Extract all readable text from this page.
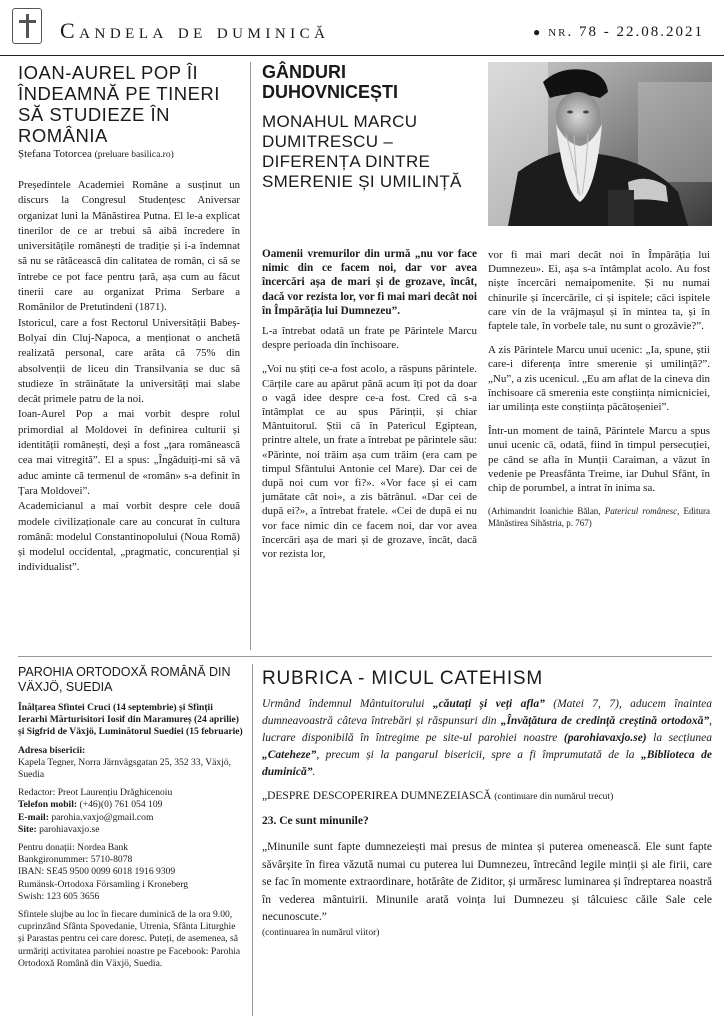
Candela de duminică	● nr. 78 - 22.08.2021
IOAN-AUREL POP ÎI ÎNDEAMNĂ PE TINERI SĂ STUDIEZE ÎN ROMÂNIA
Ștefana Totorcea (preluare basilica.ro)

Președintele Academiei Române a susținut un discurs la Congresul Studențesc Aniversar organizat luni la Mănăstirea Putna. El le-a explicat tinerilor de ce ar trebui să aibă încredere în universitățile românești de tradiție și i-a îndemnat să nu se rătăcească din calitatea de român, ci să se întrebe ce pot face pentru țară, așa cum au făcut tinerii care au organizat Prima Serbare a Românilor de Pretutindeni (1871).

Istoricul, care a fost Rectorul Universității Babeș-Bolyai din Cluj-Napoca, a menționat o anchetă realizată personal, care arăta că 75% din absolvenții de liceu din Transilvania se duc să studieze în străinătate la universități mai slabe decât primele patru de la noi.

Ioan-Aurel Pop a mai vorbit despre rolul primordial al Moldovei în definirea culturii și identității românești, deși a fost „țara românească cea mai vitregită”. El a spus: „Îngăduiți-mi să vă aduc aminte că termenul de «român» s-a definit în Țara Moldovei”.

Academicianul a mai vorbit despre cele două modele civilizaționale care au concurat în cultura română: modelul Constantinopolului (Noua Romă) și modelul occidental, „pragmatic, concurențial și individualist”.

GÂNDURI DUHOVNICEȘTI
MONAHUL MARCU DUMITRESCU – DIFERENȚA DINTRE SMERENIE ȘI UMILINȚĂ

Oamenii vremurilor din urmă „nu vor face nimic din ce facem noi, dar vor avea încercări așa de mari și de grozave, încât, dacă vor rezista lor, vor fi mai mari decât noi în Împărăția lui Dumnezeu”.

L-a întrebat odată un frate pe Părintele Marcu despre perioada din închisoare.

„Voi nu știți ce-a fost acolo, a răspuns părintele. Cărțile care au apărut până acum îți pot da doar o vagă idee despre ce-a fost. Cred că s-a întâmplat ce au spus Părinții, și chiar Mântuitorul. Știi că în Patericul Egiptean, printre altele, un frate a întrebat pe părintele său: «Părinte, noi trăim așa cum trăim (era cam pe timpul Sfântului Antonie cel Mare). Dar cei de după noi cum vor fi?». «Vor face și ei cam jumătate cât noi», a zis bătrânul. «Dar cei de după ei?», a întrebat fratele. «Cei de după ei nu vor face nimic din ce facem noi, dar vor avea încercări așa de mari și de grozave, încât, dacă vor rezista lor,

vor fi mai mari decât noi în Împărăția lui Dumnezeu». Ei, așa s-a întâmplat acolo. Au fost niște încercări nemaipomenite. Și nu numai chinurile și încercările, ci și ispitele; căci ispitele care vin de la vrăjmașul și în mintea ta, și în faptele tale, în vorbele tale, nu sunt o grozăvie?”.

A zis Părintele Marcu unui ucenic: „Ia, spune, știi care-i diferența între smerenie și umilință?”. „Nu”, a zis ucenicul. „Eu am aflat de la cineva din închisoare că smerenia este conștiința nimicniciei, iar umilința este conștiința păcătoșeniei”.

Într-un moment de taină, Părintele Marcu a spus unui ucenic că, odată, fiind în timpul persecuției, pe când se afla în Munții Caraiman, a văzut în vedenie pe Preasfânta Treime, iar Duhul Sfânt, în chip de porumbel, a intrat în inima sa.

(Arhimandrit Ioanichie Bălan, Patericul românesc, Editura Mănăstirea Sihăstria, p. 767)

PAROHIA ORTODOXĂ ROMÂNĂ DIN VÄXJÖ, SUEDIA

Înălțarea Sfintei Cruci (14 septembrie) și Sfinții Ierarhi Mărturisitori Iosif din Maramureș (24 aprilie) și Sigfrid de Växjö, Luminătorul Suediei (15 februarie)

Adresa bisericii:
Kapela Tegner, Norra Järnvägsgatan 25, 352 33, Växjö, Suedia

Redactor: Preot Laurențiu Drăghicenoiu
Telefon mobil: (+46)(0) 761 054 109
E-mail: parohia.vaxjo@gmail.com
Site: parohiavaxjo.se

Pentru donații: Nordea Bank
Bankgironummer: 5710-8078
IBAN: SE45 9500 0099 6018 1916 9309
Rumänsk-Ortodoxa Församling i Kroneberg
Swish: 123 605 3656

Sfintele slujbe au loc în fiecare duminică de la ora 9.00, cuprinzând Sfânta Spovedanie, Utrenia, Sfânta Liturghie și Parastas pentru cei care doresc. Puteți, de asemenea, să urmăriți activitatea parohiei noastre pe Facebook: Parohia Ortodoxă Română din Växjö, Suedia.

RUBRICA - MICUL CATEHISM

Urmând îndemnul Mântuitorului „căutați și veți afla” (Matei 7, 7), aducem înaintea dumneavoastră câteva întrebări și răspunsuri din „Învățătura de credință creștină ortodoxă”, lucrare disponibilă în întregime pe site-ul parohiei noastre (parohiavaxjo.se) la secțiunea „Cateheze”, precum și la pangarul bisericii, spre a fi împrumutată de la „Biblioteca de duminică”.

„DESPRE DESCOPERIREA DUMNEZEIASCĂ (continuare din numărul trecut)

23. Ce sunt minunile?

„Minunile sunt fapte dumnezeiești mai presus de mintea și puterea omenească. Ele sunt fapte săvârșite în firea văzută numai cu puterea lui Dumnezeu, întrecând legile minții și ale firii, care se fac în momente extraordinare, hotărâte de Ziditor, și urmăresc luminarea și îndreptarea noastră în vederea mântuirii. Minunile arată voința lui Dumnezeu și tâlcuiesc căile Sale cele necunoscute.”

(continuarea în numărul viitor)
